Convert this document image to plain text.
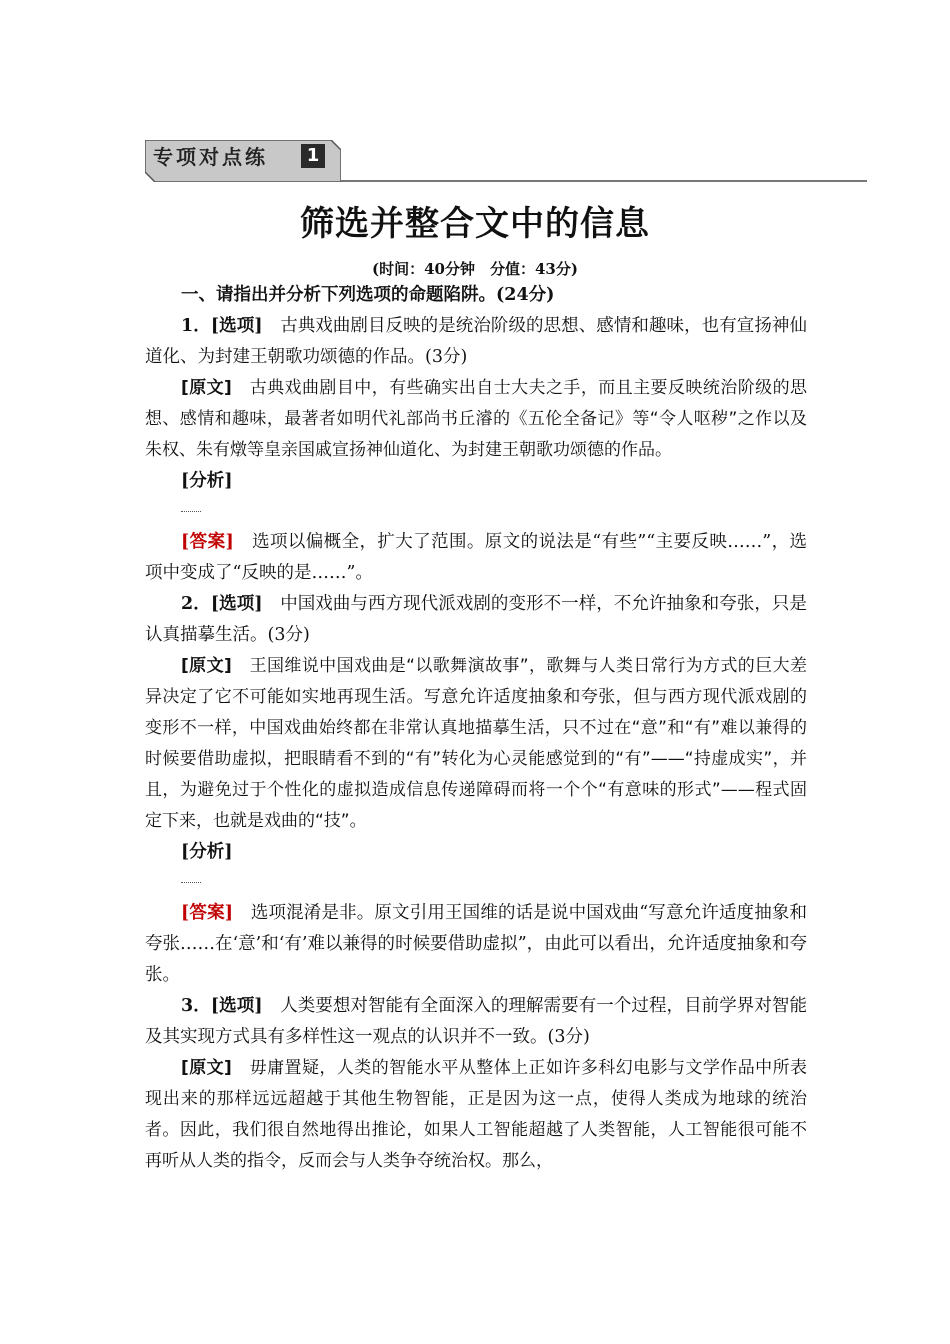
专项对点练	1
筛选并整合文中的信息
(时间：40分钟　分值：43分)

一、请指出并分析下列选项的命题陷阱。(24分)

1．[选项]　 古典戏曲剧目反映的是统治阶级的思想、感情和趣味，也有宣扬神仙道化、为封建王朝歌功颂德的作品。(3分)

[原文]　 古典戏曲剧目中，有些确实出自士大夫之手，而且主要反映统治阶级的思想、感情和趣味，最著者如明代礼部尚书丘濬的《五伦全备记》等“令人呕秽”之作以及朱权、朱有燉等皇亲国戚宣扬神仙道化、为封建王朝歌功颂德的作品。

[分析]

[答案]　 选项以偏概全，扩大了范围。原文的说法是“有些”“主要反映……”，选项中变成了“反映的是……”。

2．[选项]　 中国戏曲与西方现代派戏剧的变形不一样，不允许抽象和夸张，只是认真描摹生活。(3分)

[原文]　 王国维说中国戏曲是“以歌舞演故事”，歌舞与人类日常行为方式的巨大差异决定了它不可能如实地再现生活。写意允许适度抽象和夸张，但与西方现代派戏剧的变形不一样，中国戏曲始终都在非常认真地描摹生活，只不过在“意”和“有”难以兼得的时候要借助虚拟，把眼睛看不到的“有”转化为心灵能感觉到的“有”——“持虚成实”，并且，为避免过于个性化的虚拟造成信息传递障碍而将一个个“有意味的形式”——程式固定下来，也就是戏曲的“技”。

[分析]

[答案]　 选项混淆是非。原文引用王国维的话是说中国戏曲“写意允许适度抽象和夸张……在‘意’和‘有’难以兼得的时候要借助虚拟”，由此可以看出，允许适度抽象和夸张。

3．[选项]　 人类要想对智能有全面深入的理解需要有一个过程，目前学界对智能及其实现方式具有多样性这一观点的认识并不一致。(3分)

[原文]　 毋庸置疑，人类的智能水平从整体上正如许多科幻电影与文学作品中所表现出来的那样远远超越于其他生物智能，正是因为这一点，使得人类成为地球的统治者。因此，我们很自然地得出推论，如果人工智能超越了人类智能，人工智能很可能不再听从人类的指令，反而会与人类争夺统治权。那么，
